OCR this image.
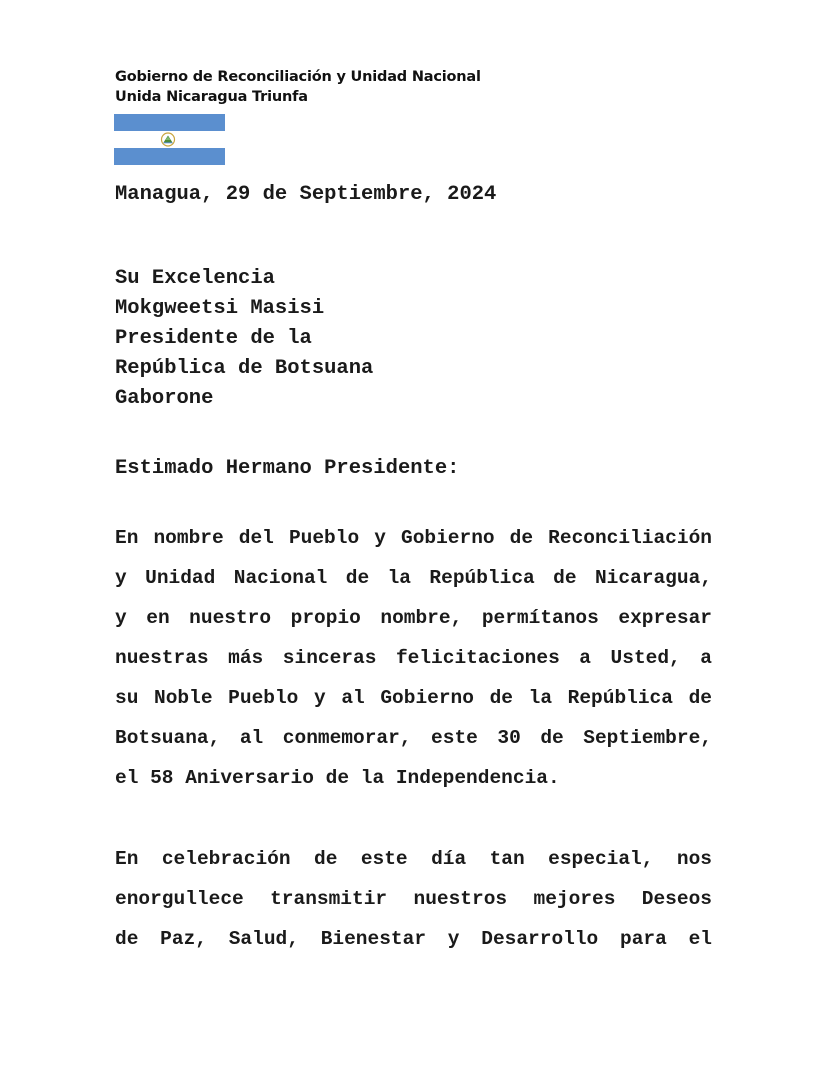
Gobierno de Reconciliación y Unidad Nacional
Unida Nicaragua Triunfa
Managua, 29 de Septiembre, 2024
Su Excelencia
Mokgweetsi Masisi
Presidente de la
República de Botsuana
Gaborone
Estimado Hermano Presidente:
En nombre del Pueblo y Gobierno de Reconciliación
y Unidad Nacional de la República de Nicaragua,
y en nuestro propio nombre, permítanos expresar
nuestras más sinceras felicitaciones a Usted, a
su Noble Pueblo y al Gobierno de la República de
Botsuana, al conmemorar, este 30 de Septiembre,
el 58 Aniversario de la Independencia.
En celebración de este día tan especial, nos
enorgullece transmitir nuestros mejores Deseos
de Paz, Salud, Bienestar y Desarrollo para el
